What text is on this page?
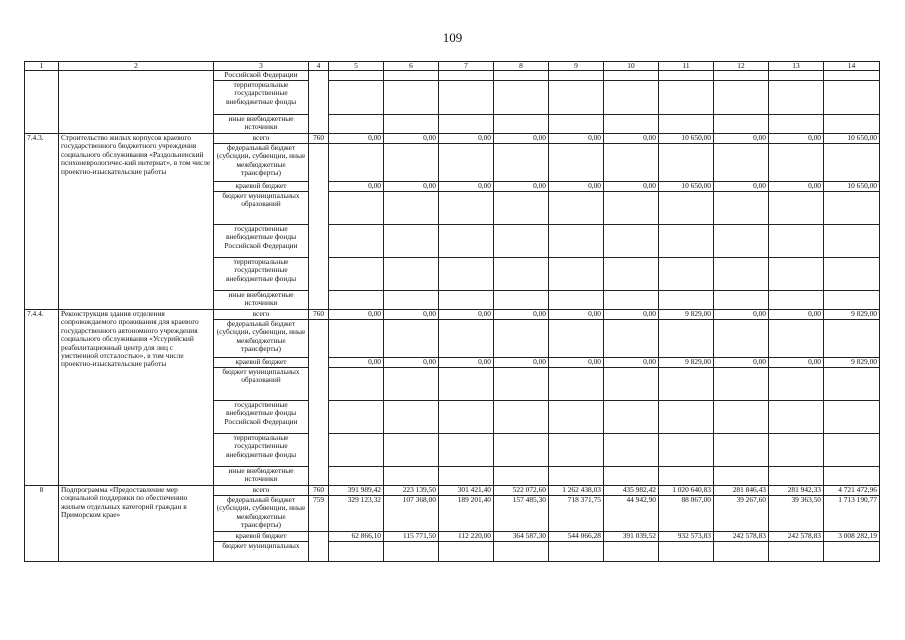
109
1	2	3	4	5	6	7	8	9	10	11	12	13	14
		Российской Федерации											
		территориальные государственные внебюджетные фонды											
		иные внебюджетные источники											
7.4.3.	Строительство жилых корпусов краевого государственного бюджетного учреждения социального обслуживания «Раздольненский психоневрологичес-кий интернат», в том числе проектно-изыскательские работы	всего	760	0,00	0,00	0,00	0,00	0,00	0,00	10 650,00	0,00	0,00	10 650,00
		федеральный бюджет (субсидии, субвенции, иные межбюджетные трансферты)											
		краевой бюджет		0,00	0,00	0,00	0,00	0,00	0,00	10 650,00	0,00	0,00	10 650,00
		бюджет муниципальных образований											
		государственные внебюджетные фонды Российской Федерации											
		территориальные государственные внебюджетные фонды											
		иные внебюджетные источники											
7.4.4.	Реконструкция здания отделения сопровождаемого проживания для краевого государственного автономного учреждения социального обслуживания «Уссурийский реабилитационный центр для лиц с умственной отсталостью», в том числе проектно-изыскательские работы	всего	760	0,00	0,00	0,00	0,00	0,00	0,00	9 829,00	0,00	0,00	9 829,00
		федеральный бюджет (субсидии, субвенции, иные межбюджетные трансферты)											
		краевой бюджет		0,00	0,00	0,00	0,00	0,00	0,00	9 829,00	0,00	0,00	9 829,00
		бюджет муниципальных образований											
		государственные внебюджетные фонды Российской Федерации											
		территориальные государственные внебюджетные фонды											
		иные внебюджетные источники											
8	Подпрограмма «Предоставление мер социальной поддержки по обеспечению жильем отдельных категорий граждан в Приморском крае»	всего	760	391 989,42	223 139,50	301 421,40	522 072,60	1 262 438,03	435 982,42	1 020 640,83	281 846,43	281 942,33	4 721 472,96
		федеральный бюджет (субсидии, субвенции, иные межбюджетные трансферты)	759	329 123,32	107 368,00	189 201,40	157 485,30	718 371,75	44 942,90	88 067,00	39 267,60	39 363,50	1 713 190,77
		краевой бюджет		62 866,10	115 771,50	112 220,00	364 587,30	544 066,28	391 039,52	932 573,83	242 578,83	242 578,83	3 008 282,19
		бюджет муниципальных											
